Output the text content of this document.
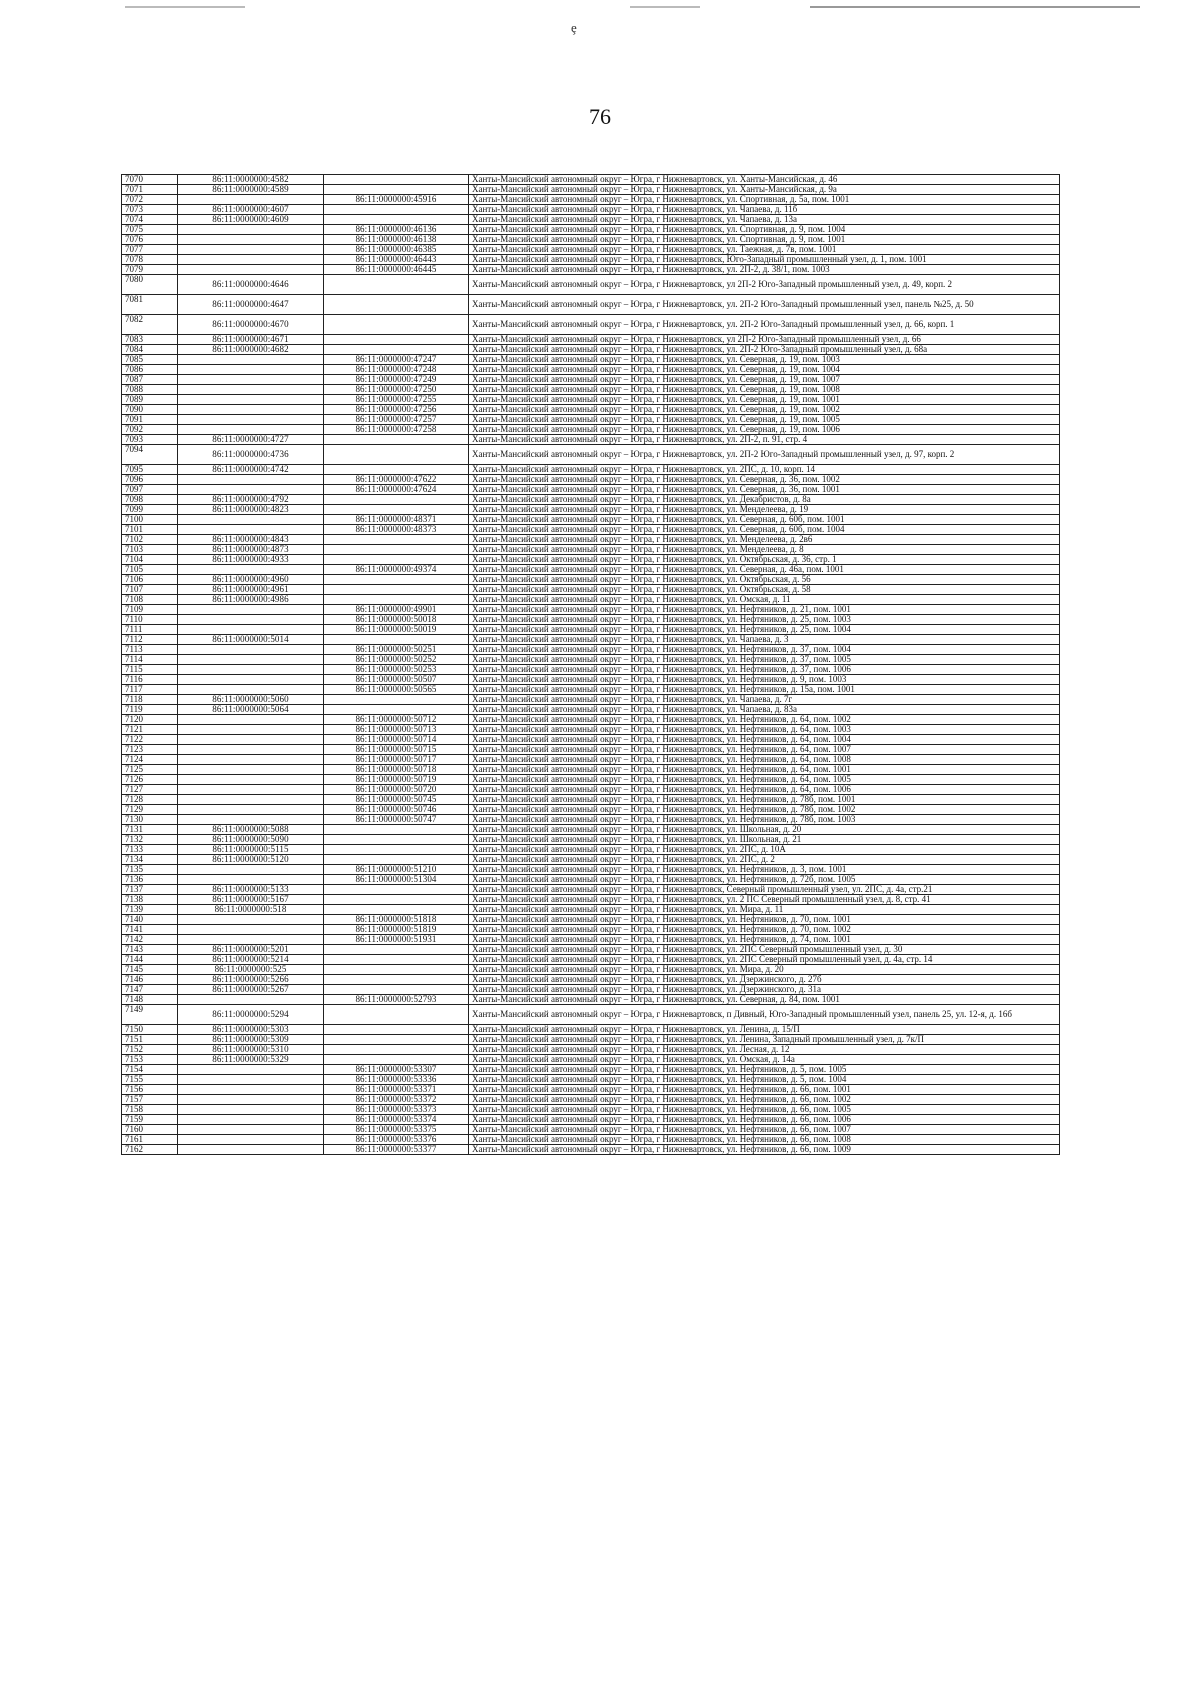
ȩ
76
7070	86:11:0000000:4582		Ханты-Мансийский автономный округ – Югра, г Нижневартовск, ул. Ханты-Мансийская, д. 46
7071	86:11:0000000:4589		Ханты-Мансийский автономный округ – Югра, г Нижневартовск, ул. Ханты-Мансийская, д. 9а
7072		86:11:0000000:45916	Ханты-Мансийский автономный округ – Югра, г Нижневартовск, ул. Спортивная, д. 5а, пом. 1001
7073	86:11:0000000:4607		Ханты-Мансийский автономный округ – Югра, г Нижневартовск, ул. Чапаева, д. 11б
7074	86:11:0000000:4609		Ханты-Мансийский автономный округ – Югра, г Нижневартовск, ул. Чапаева, д. 13а
7075		86:11:0000000:46136	Ханты-Мансийский автономный округ – Югра, г Нижневартовск, ул. Спортивная, д. 9, пом. 1004
7076		86:11:0000000:46138	Ханты-Мансийский автономный округ – Югра, г Нижневартовск, ул. Спортивная, д. 9, пом. 1001
7077		86:11:0000000:46385	Ханты-Мансийский автономный округ – Югра, г Нижневартовск, ул. Таежная, д. 7в, пом. 1001
7078		86:11:0000000:46443	Ханты-Мансийский автономный округ – Югра, г Нижневартовск, Юго-Западный промышленный узел, д. 1, пом. 1001
7079		86:11:0000000:46445	Ханты-Мансийский автономный округ – Югра, г Нижневартовск, ул. 2П-2, д. 38/1, пом. 1003
7080	86:11:0000000:4646		Ханты-Мансийский автономный округ – Югра, г Нижневартовск, ул 2П-2 Юго-Западный промышленный узел, д. 49, корп. 2
7081	86:11:0000000:4647		Ханты-Мансийский автономный округ – Югра, г Нижневартовск, ул. 2П-2 Юго-Западный промышленный узел, панель №25, д. 50
7082	86:11:0000000:4670		Ханты-Мансийский автономный округ – Югра, г Нижневартовск, ул. 2П-2 Юго-Западный промышленный узел, д. 66, корп. 1
7083	86:11:0000000:4671		Ханты-Мансийский автономный округ – Югра, г Нижневартовск, ул 2П-2 Юго-Западный промышленный узел, д. 66
7084	86:11:0000000:4682		Ханты-Мансийский автономный округ – Югра, г Нижневартовск, ул. 2П-2 Юго-Западный промышленный узел, д. 68а
7085		86:11:0000000:47247	Ханты-Мансийский автономный округ – Югра, г Нижневартовск, ул. Северная, д. 19, пом. 1003
7086		86:11:0000000:47248	Ханты-Мансийский автономный округ – Югра, г Нижневартовск, ул. Северная, д. 19, пом. 1004
7087		86:11:0000000:47249	Ханты-Мансийский автономный округ – Югра, г Нижневартовск, ул. Северная, д. 19, пом. 1007
7088		86:11:0000000:47250	Ханты-Мансийский автономный округ – Югра, г Нижневартовск, ул. Северная, д. 19, пом. 1008
7089		86:11:0000000:47255	Ханты-Мансийский автономный округ – Югра, г Нижневартовск, ул. Северная, д. 19, пом. 1001
7090		86:11:0000000:47256	Ханты-Мансийский автономный округ – Югра, г Нижневартовск, ул. Северная, д. 19, пом. 1002
7091		86:11:0000000:47257	Ханты-Мансийский автономный округ – Югра, г Нижневартовск, ул. Северная, д. 19, пом. 1005
7092		86:11:0000000:47258	Ханты-Мансийский автономный округ – Югра, г Нижневартовск, ул. Северная, д. 19, пом. 1006
7093	86:11:0000000:4727		Ханты-Мансийский автономный округ – Югра, г Нижневартовск, ул. 2П-2, п. 91, стр. 4
7094	86:11:0000000:4736		Ханты-Мансийский автономный округ – Югра, г Нижневартовск, ул. 2П-2 Юго-Западный промышленный узел, д. 97, корп. 2
7095	86:11:0000000:4742		Ханты-Мансийский автономный округ – Югра, г Нижневартовск, ул. 2ПС, д. 10, корп. 14
7096		86:11:0000000:47622	Ханты-Мансийский автономный округ – Югра, г Нижневартовск, ул. Северная, д. 36, пом. 1002
7097		86:11:0000000:47624	Ханты-Мансийский автономный округ – Югра, г Нижневартовск, ул. Северная, д. 36, пом. 1001
7098	86:11:0000000:4792		Ханты-Мансийский автономный округ – Югра, г Нижневартовск, ул. Декабристов, д. 8а
7099	86:11:0000000:4823		Ханты-Мансийский автономный округ – Югра, г Нижневартовск, ул. Менделеева, д. 19
7100		86:11:0000000:48371	Ханты-Мансийский автономный округ – Югра, г Нижневартовск, ул. Северная, д. 60б, пом. 1001
7101		86:11:0000000:48373	Ханты-Мансийский автономный округ – Югра, г Нижневартовск, ул. Северная, д. 60б, пом. 1004
7102	86:11:0000000:4843		Ханты-Мансийский автономный округ – Югра, г Нижневартовск, ул. Менделеева, д. 2в6
7103	86:11:0000000:4873		Ханты-Мансийский автономный округ – Югра, г Нижневартовск, ул. Менделеева, д. 8
7104	86:11:0000000:4933		Ханты-Мансийский автономный округ – Югра, г Нижневартовск, ул. Октябрьская, д. 36, стр. 1
7105		86:11:0000000:49374	Ханты-Мансийский автономный округ – Югра, г Нижневартовск, ул. Северная, д. 46а, пом. 1001
7106	86:11:0000000:4960		Ханты-Мансийский автономный округ – Югра, г Нижневартовск, ул. Октябрьская, д. 56
7107	86:11:0000000:4961		Ханты-Мансийский автономный округ – Югра, г Нижневартовск, ул. Октябрьская, д. 58
7108	86:11:0000000:4986		Ханты-Мансийский автономный округ – Югра, г Нижневартовск, ул. Омская, д. 11
7109		86:11:0000000:49901	Ханты-Мансийский автономный округ – Югра, г Нижневартовск, ул. Нефтяников, д. 21, пом. 1001
7110		86:11:0000000:50018	Ханты-Мансийский автономный округ – Югра, г Нижневартовск, ул. Нефтяников, д. 25, пом. 1003
7111		86:11:0000000:50019	Ханты-Мансийский автономный округ – Югра, г Нижневартовск, ул. Нефтяников, д. 25, пом. 1004
7112	86:11:0000000:5014		Ханты-Мансийский автономный округ – Югра, г Нижневартовск, ул. Чапаева, д. 3
7113		86:11:0000000:50251	Ханты-Мансийский автономный округ – Югра, г Нижневартовск, ул. Нефтяников, д. 37, пом. 1004
7114		86:11:0000000:50252	Ханты-Мансийский автономный округ – Югра, г Нижневартовск, ул. Нефтяников, д. 37, пом. 1005
7115		86:11:0000000:50253	Ханты-Мансийский автономный округ – Югра, г Нижневартовск, ул. Нефтяников, д. 37, пом. 1006
7116		86:11:0000000:50507	Ханты-Мансийский автономный округ – Югра, г Нижневартовск, ул. Нефтяников, д. 9, пом. 1003
7117		86:11:0000000:50565	Ханты-Мансийский автономный округ – Югра, г Нижневартовск, ул. Нефтяников, д. 15а, пом. 1001
7118	86:11:0000000:5060		Ханты-Мансийский автономный округ – Югра, г Нижневартовск, ул. Чапаева, д. 7г
7119	86:11:0000000:5064		Ханты-Мансийский автономный округ – Югра, г Нижневартовск, ул. Чапаева, д. 83а
7120		86:11:0000000:50712	Ханты-Мансийский автономный округ – Югра, г Нижневартовск, ул. Нефтяников, д. 64, пом. 1002
7121		86:11:0000000:50713	Ханты-Мансийский автономный округ – Югра, г Нижневартовск, ул. Нефтяников, д. 64, пом. 1003
7122		86:11:0000000:50714	Ханты-Мансийский автономный округ – Югра, г Нижневартовск, ул. Нефтяников, д. 64, пом. 1004
7123		86:11:0000000:50715	Ханты-Мансийский автономный округ – Югра, г Нижневартовск, ул. Нефтяников, д. 64, пом. 1007
7124		86:11:0000000:50717	Ханты-Мансийский автономный округ – Югра, г Нижневартовск, ул. Нефтяников, д. 64, пом. 1008
7125		86:11:0000000:50718	Ханты-Мансийский автономный округ – Югра, г Нижневартовск, ул. Нефтяников, д. 64, пом. 1001
7126		86:11:0000000:50719	Ханты-Мансийский автономный округ – Югра, г Нижневартовск, ул. Нефтяников, д. 64, пом. 1005
7127		86:11:0000000:50720	Ханты-Мансийский автономный округ – Югра, г Нижневартовск, ул. Нефтяников, д. 64, пом. 1006
7128		86:11:0000000:50745	Ханты-Мансийский автономный округ – Югра, г Нижневартовск, ул. Нефтяников, д. 78б, пом. 1001
7129		86:11:0000000:50746	Ханты-Мансийский автономный округ – Югра, г Нижневартовск, ул. Нефтяников, д. 78б, пом. 1002
7130		86:11:0000000:50747	Ханты-Мансийский автономный округ – Югра, г Нижневартовск, ул. Нефтяников, д. 78б, пом. 1003
7131	86:11:0000000:5088		Ханты-Мансийский автономный округ – Югра, г Нижневартовск, ул. Школьная, д. 20
7132	86:11:0000000:5090		Ханты-Мансийский автономный округ – Югра, г Нижневартовск, ул. Школьная, д. 21
7133	86:11:0000000:5115		Ханты-Мансийский автономный округ – Югра, г Нижневартовск, ул. 2ПС, д. 10А
7134	86:11:0000000:5120		Ханты-Мансийский автономный округ – Югра, г Нижневартовск, ул. 2ПС, д. 2
7135		86:11:0000000:51210	Ханты-Мансийский автономный округ – Югра, г Нижневартовск, ул. Нефтяников, д. 3, пом. 1001
7136		86:11:0000000:51304	Ханты-Мансийский автономный округ – Югра, г Нижневартовск, ул. Нефтяников, д. 72б, пом. 1005
7137	86:11:0000000:5133		Ханты-Мансийский автономный округ – Югра, г Нижневартовск, Северный промышленный узел, ул. 2ПС, д. 4а, стр.21
7138	86:11:0000000:5167		Ханты-Мансийский автономный округ – Югра, г Нижневартовск, ул. 2 ПС Северный промышленный узел, д. 8, стр. 41
7139	86:11:0000000:518		Ханты-Мансийский автономный округ – Югра, г Нижневартовск, ул. Мира, д. 11
7140		86:11:0000000:51818	Ханты-Мансийский автономный округ – Югра, г Нижневартовск, ул. Нефтяников, д. 70, пом. 1001
7141		86:11:0000000:51819	Ханты-Мансийский автономный округ – Югра, г Нижневартовск, ул. Нефтяников, д. 70, пом. 1002
7142		86:11:0000000:51931	Ханты-Мансийский автономный округ – Югра, г Нижневартовск, ул. Нефтяников, д. 74, пом. 1001
7143	86:11:0000000:5201		Ханты-Мансийский автономный округ – Югра, г Нижневартовск, ул. 2ПС Северный промышленный узел, д. 30
7144	86:11:0000000:5214		Ханты-Мансийский автономный округ – Югра, г Нижневартовск, ул. 2ПС Северный промышленный узел, д. 4а, стр. 14
7145	86:11:0000000:525		Ханты-Мансийский автономный округ – Югра, г Нижневартовск, ул. Мира, д. 20
7146	86:11:0000000:5266		Ханты-Мансийский автономный округ – Югра, г Нижневартовск, ул. Дзержинского, д. 27б
7147	86:11:0000000:5267		Ханты-Мансийский автономный округ – Югра, г Нижневартовск, ул. Дзержинского, д. 31а
7148		86:11:0000000:52793	Ханты-Мансийский автономный округ – Югра, г Нижневартовск, ул. Северная, д. 84, пом. 1001
7149	86:11:0000000:5294		Ханты-Мансийский автономный округ – Югра, г Нижневартовск, п Дивный, Юго-Западный промышленный узел, панель 25, ул. 12-я, д. 16б
7150	86:11:0000000:5303		Ханты-Мансийский автономный округ – Югра, г Нижневартовск, ул. Ленина, д. 15/П
7151	86:11:0000000:5309		Ханты-Мансийский автономный округ – Югра, г Нижневартовск, ул. Ленина, Западный промышленный узел, д. 7к/П
7152	86:11:0000000:5310		Ханты-Мансийский автономный округ – Югра, г Нижневартовск, ул. Лесная, д. 12
7153	86:11:0000000:5329		Ханты-Мансийский автономный округ – Югра, г Нижневартовск, ул. Омская, д. 14а
7154		86:11:0000000:53307	Ханты-Мансийский автономный округ – Югра, г Нижневартовск, ул. Нефтяников, д. 5, пом. 1005
7155		86:11:0000000:53336	Ханты-Мансийский автономный округ – Югра, г Нижневартовск, ул. Нефтяников, д. 5, пом. 1004
7156		86:11:0000000:53371	Ханты-Мансийский автономный округ – Югра, г Нижневартовск, ул. Нефтяников, д. 66, пом. 1001
7157		86:11:0000000:53372	Ханты-Мансийский автономный округ – Югра, г Нижневартовск, ул. Нефтяников, д. 66, пом. 1002
7158		86:11:0000000:53373	Ханты-Мансийский автономный округ – Югра, г Нижневартовск, ул. Нефтяников, д. 66, пом. 1005
7159		86:11:0000000:53374	Ханты-Мансийский автономный округ – Югра, г Нижневартовск, ул. Нефтяников, д. 66, пом. 1006
7160		86:11:0000000:53375	Ханты-Мансийский автономный округ – Югра, г Нижневартовск, ул. Нефтяников, д. 66, пом. 1007
7161		86:11:0000000:53376	Ханты-Мансийский автономный округ – Югра, г Нижневартовск, ул. Нефтяников, д. 66, пом. 1008
7162		86:11:0000000:53377	Ханты-Мансийский автономный округ – Югра, г Нижневартовск, ул. Нефтяников, д. 66, пом. 1009
